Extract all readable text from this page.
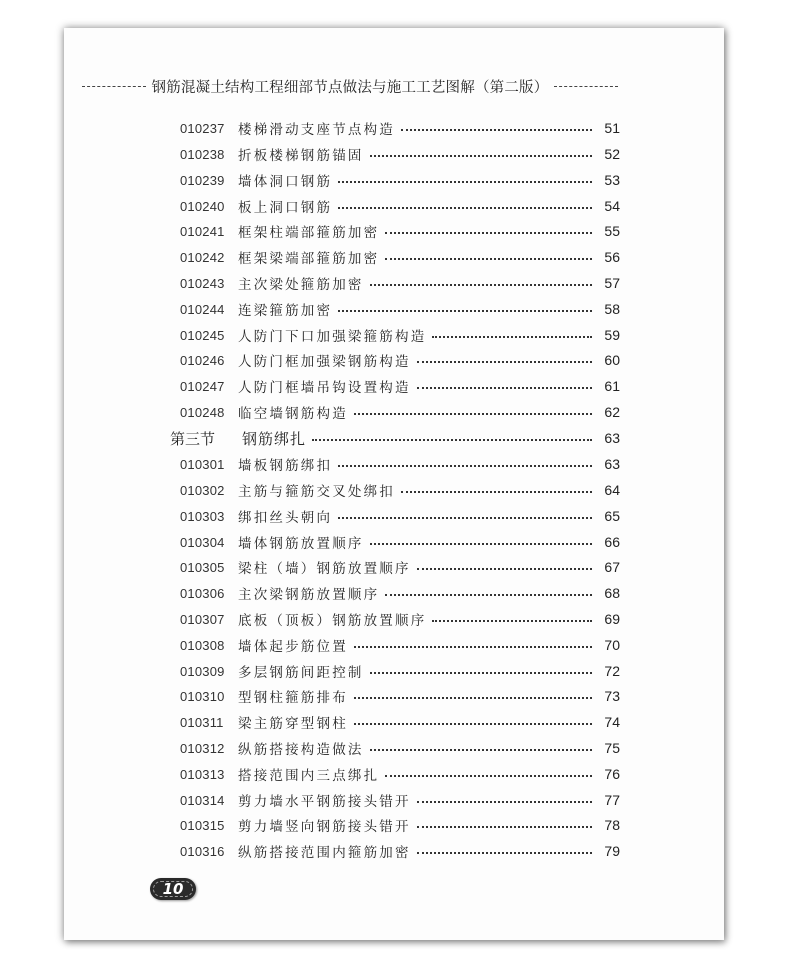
钢筋混凝土结构工程细部节点做法与施工工艺图解（第二版）
010237 楼梯滑动支座节点构造	51
010238 折板楼梯钢筋锚固	52
010239 墙体洞口钢筋	53
010240 板上洞口钢筋	54
010241 框架柱端部箍筋加密	55
010242 框架梁端部箍筋加密	56
010243 主次梁处箍筋加密	57
010244 连梁箍筋加密	58
010245 人防门下口加强梁箍筋构造	59
010246 人防门框加强梁钢筋构造	60
010247 人防门框墙吊钩设置构造	61
010248 临空墙钢筋构造	62
第三节	钢筋绑扎	63
010301 墙板钢筋绑扣	63
010302 主筋与箍筋交叉处绑扣	64
010303 绑扣丝头朝向	65
010304 墙体钢筋放置顺序	66
010305 梁柱（墙）钢筋放置顺序	67
010306 主次梁钢筋放置顺序	68
010307 底板（顶板）钢筋放置顺序	69
010308 墙体起步筋位置	70
010309 多层钢筋间距控制	72
010310 型钢柱箍筋排布	73
010311	梁主筋穿型钢柱	74
010312 纵筋搭接构造做法	75
010313 搭接范围内三点绑扎	76
010314 剪力墙水平钢筋接头错开	77
010315 剪力墙竖向钢筋接头错开	78
010316 纵筋搭接范围内箍筋加密	79
10
